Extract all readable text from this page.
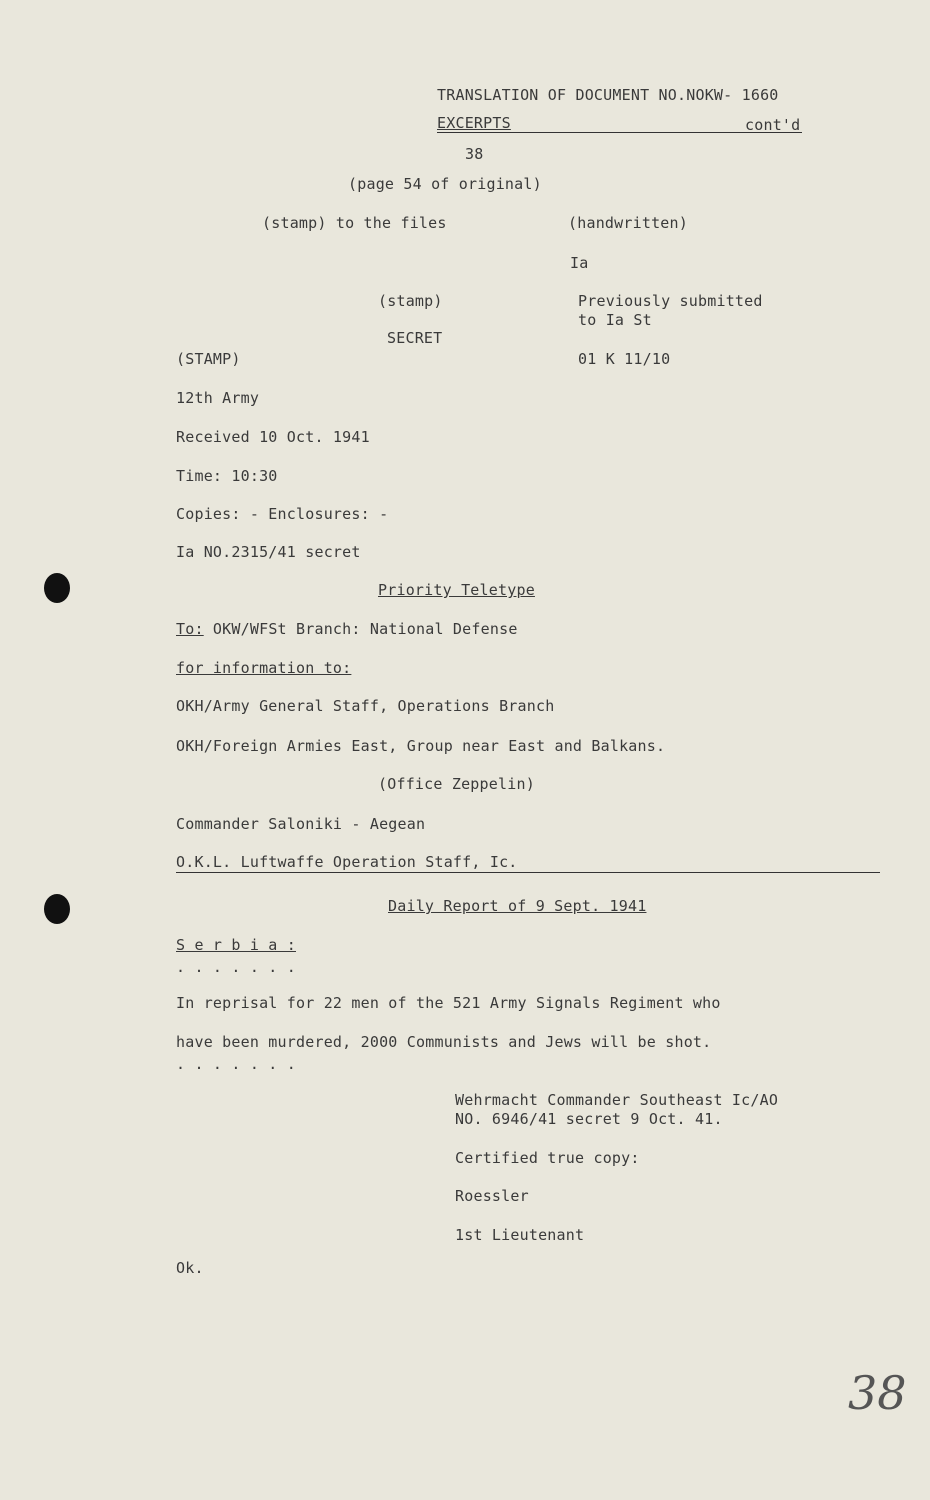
TRANSLATION OF DOCUMENT NO.NOKW- 1660
EXCERPTS	cont'd
38
(page 54 of original)
(stamp) to the files	(handwritten)
Ia
(stamp)	Previously submitted
to Ia St
SECRET
(STAMP)	01 K 11/10
12th Army
Received 10 Oct. 1941
Time: 10:30
Copies: - Enclosures: -
Ia NO.2315/41 secret
Priority Teletype
To: OKW/WFSt Branch: National Defense
for information to:
OKH/Army General Staff, Operations Branch
OKH/Foreign Armies East, Group near East and Balkans.
(Office Zeppelin)
Commander Saloniki - Aegean
O.K.L. Luftwaffe Operation Staff, Ic.
Daily Report of 9 Sept. 1941
S e r b i a :
. . . . . . .
In reprisal for 22 men of the 521 Army Signals Regiment who
have been murdered, 2000 Communists and Jews will be shot.
. . . . . . .
Wehrmacht Commander Southeast Ic/AO
NO. 6946/41 secret 9 Oct. 41.
Certified true copy:
Roessler
1st Lieutenant
Ok.
38
